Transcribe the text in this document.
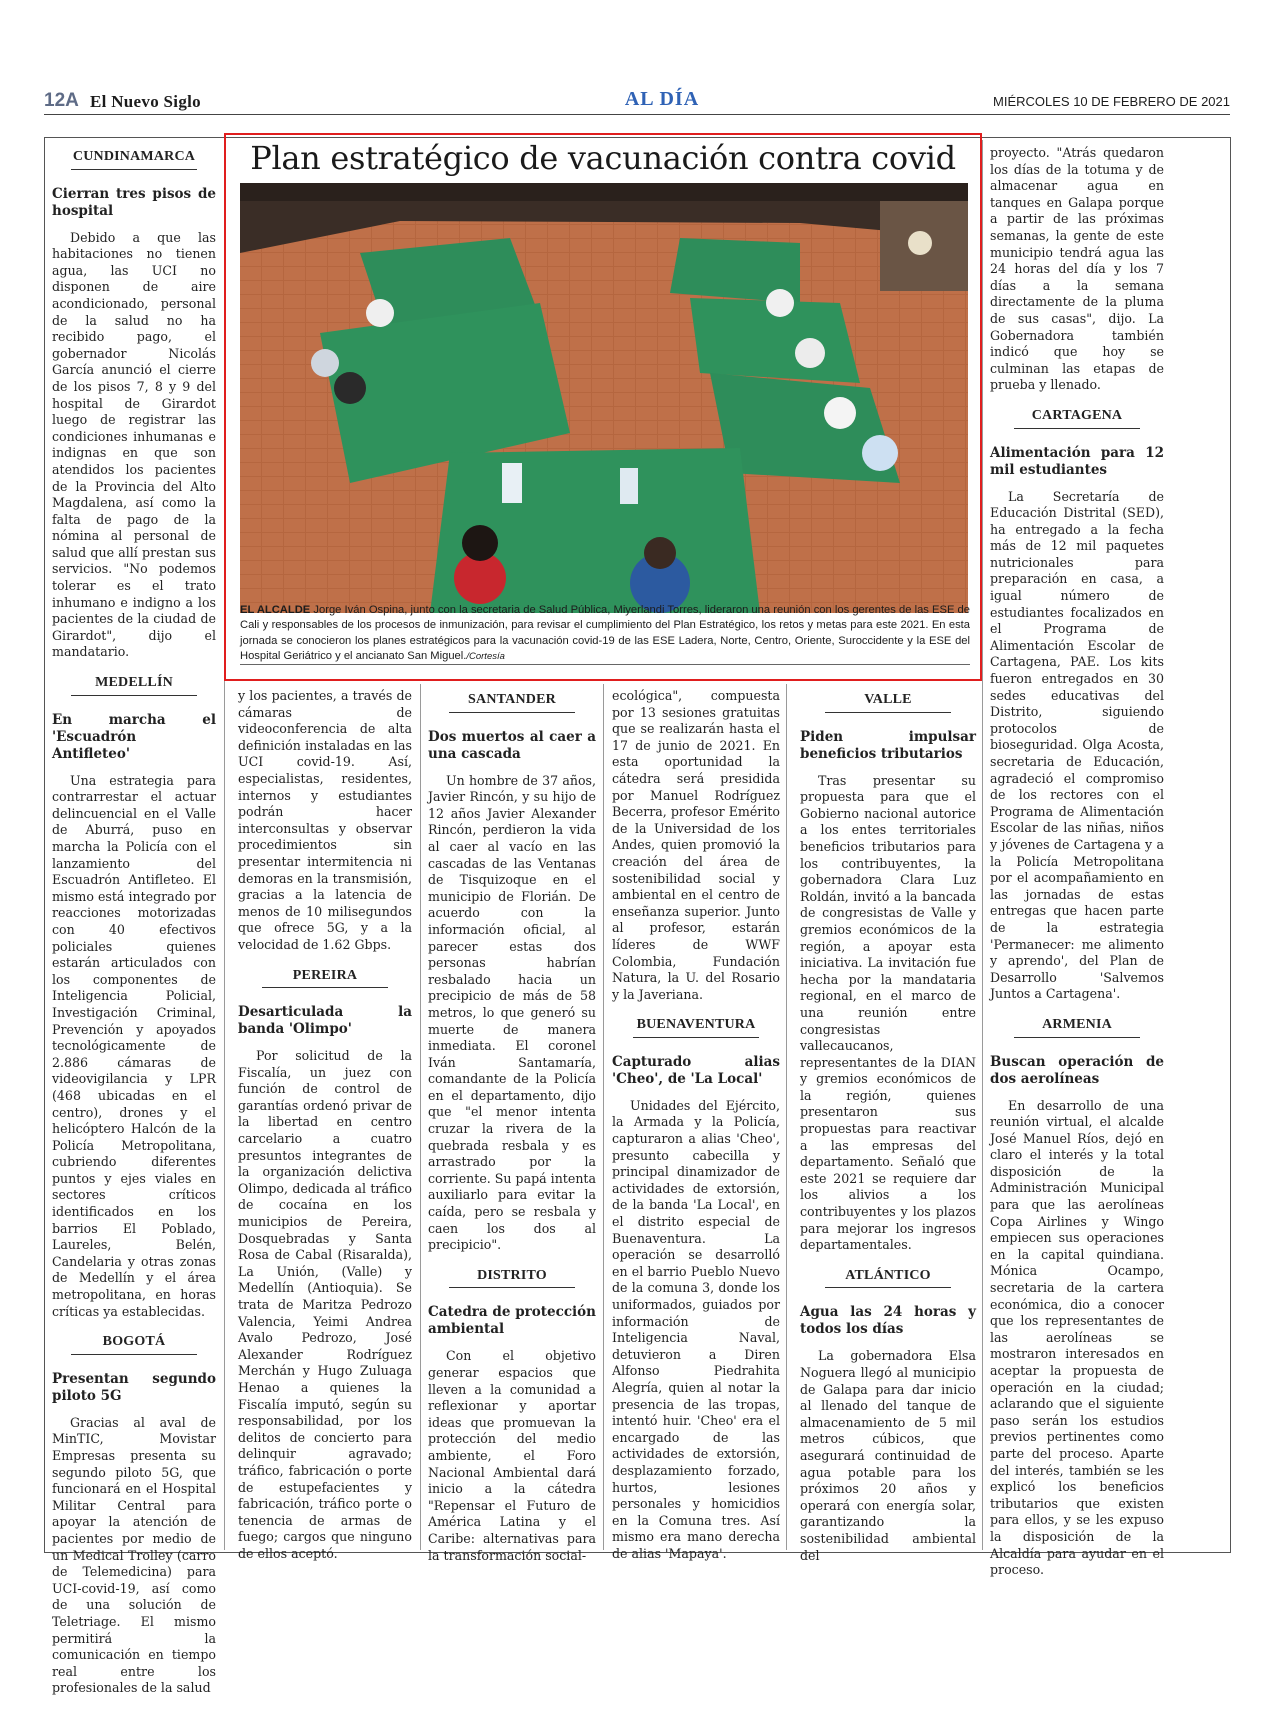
12A El Nuevo Siglo	AL DÍA	MIÉRCOLES 10 DE FEBRERO DE 2021
Plan estratégico de vacunación contra covid
EL ALCALDE Jorge Iván Ospina, junto con la secretaria de Salud Pública, Miyerlandi Torres, lideraron una reunión con los gerentes de las ESE de Cali y responsables de los procesos de inmunización, para revisar el cumplimiento del Plan Estratégico, los retos y metas para este 2021. En esta jornada se conocieron los planes estratégicos para la vacunación covid-19 de las ESE Ladera, Norte, Centro, Oriente, Suroccidente y la ESE del Hospital Geriátrico y el ancianato San Miguel./Cortesía
CUNDINAMARCA
Cierran tres pisos de hospital

Debido a que las habitaciones no tienen agua, las UCI no disponen de aire acondicionado, personal de la salud no ha recibido pago, el gobernador Nicolás García anunció el cierre de los pisos 7, 8 y 9 del hospital de Girardot luego de registrar las condiciones inhumanas e indignas en que son atendidos los pacientes de la Provincia del Alto Magdalena, así como la falta de pago de la nómina al personal de salud que allí prestan sus servicios. "No podemos tolerar es el trato inhumano e indigno a los pacientes de la ciudad de Girardot", dijo el mandatario.

MEDELLÍN
En marcha el 'Escuadrón Antifleteo'

Una estrategia para contrarrestar el actuar delincuencial en el Valle de Aburrá, puso en marcha la Policía con el lanzamiento del Escuadrón Antifleteo. El mismo está integrado por reacciones motorizadas con 40 efectivos policiales quienes estarán articulados con los componentes de Inteligencia Policial, Investigación Criminal, Prevención y apoyados tecnológicamente de 2.886 cámaras de videovigilancia y LPR (468 ubicadas en el centro), drones y el helicóptero Halcón de la Policía Metropolitana, cubriendo diferentes puntos y ejes viales en sectores críticos identificados en los barrios El Poblado, Laureles, Belén, Candelaria y otras zonas de Medellín y el área metropolitana, en horas críticas ya establecidas.

BOGOTÁ
Presentan segundo piloto 5G

Gracias al aval de MinTIC, Movistar Empresas presenta su segundo piloto 5G, que funcionará en el Hospital Militar Central para apoyar la atención de pacientes por medio de un Medical Trolley (carro de Telemedicina) para UCI-covid-19, así como de una solución de Teletriage. El mismo permitirá la comunicación en tiempo real entre los profesionales de la salud

y los pacientes, a través de cámaras de videoconferencia de alta definición instaladas en las UCI covid-19. Así, especialistas, residentes, internos y estudiantes podrán hacer interconsultas y observar procedimientos sin presentar intermitencia ni demoras en la transmisión, gracias a la latencia de menos de 10 milisegundos que ofrece 5G, y a la velocidad de 1.62 Gbps.

PEREIRA
Desarticulada la banda 'Olimpo'

Por solicitud de la Fiscalía, un juez con función de control de garantías ordenó privar de la libertad en centro carcelario a cuatro presuntos integrantes de la organización delictiva Olimpo, dedicada al tráfico de cocaína en los municipios de Pereira, Dosquebradas y Santa Rosa de Cabal (Risaralda), La Unión, (Valle) y Medellín (Antioquia). Se trata de Maritza Pedrozo Valencia, Yeimi Andrea Avalo Pedrozo, José Alexander Rodríguez Merchán y Hugo Zuluaga Henao a quienes la Fiscalía imputó, según su responsabilidad, por los delitos de concierto para delinquir agravado; tráfico, fabricación o porte de estupefacientes y fabricación, tráfico porte o tenencia de armas de fuego; cargos que ninguno de ellos aceptó.

SANTANDER
Dos muertos al caer a una cascada

Un hombre de 37 años, Javier Rincón, y su hijo de 12 años Javier Alexander Rincón, perdieron la vida al caer al vacío en las cascadas de las Ventanas de Tisquizoque en el municipio de Florián. De acuerdo con la información oficial, al parecer estas dos personas habrían resbalado hacia un precipicio de más de 58 metros, lo que generó su muerte de manera inmediata. El coronel Iván Santamaría, comandante de la Policía en el departamento, dijo que "el menor intenta cruzar la rivera de la quebrada resbala y es arrastrado por la corriente. Su papá intenta auxiliarlo para evitar la caída, pero se resbala y caen los dos al precipicio".

DISTRITO
Catedra de protección ambiental

Con el objetivo generar espacios que lleven a la comunidad a reflexionar y aportar ideas que promuevan la protección del medio ambiente, el Foro Nacional Ambiental dará inicio a la cátedra "Repensar el Futuro de América Latina y el Caribe: alternativas para la transformación social-

ecológica", compuesta por 13 sesiones gratuitas que se realizarán hasta el 17 de junio de 2021. En esta oportunidad la cátedra será presidida por Manuel Rodríguez Becerra, profesor Emérito de la Universidad de los Andes, quien promovió la creación del área de sostenibilidad social y ambiental en el centro de enseñanza superior. Junto al profesor, estarán líderes de WWF Colombia, Fundación Natura, la U. del Rosario y la Javeriana.

BUENAVENTURA
Capturado alias 'Cheo', de 'La Local'

Unidades del Ejército, la Armada y la Policía, capturaron a alias 'Cheo', presunto cabecilla y principal dinamizador de actividades de extorsión, de la banda 'La Local', en el distrito especial de Buenaventura. La operación se desarrolló en el barrio Pueblo Nuevo de la comuna 3, donde los uniformados, guiados por información de Inteligencia Naval, detuvieron a Diren Alfonso Piedrahita Alegría, quien al notar la presencia de las tropas, intentó huir. 'Cheo' era el encargado de las actividades de extorsión, desplazamiento forzado, hurtos, lesiones personales y homicidios en la Comuna tres. Así mismo era mano derecha de alias 'Mapaya'.

VALLE
Piden impulsar beneficios tributarios

Tras presentar su propuesta para que el Gobierno nacional autorice a los entes territoriales beneficios tributarios para los contribuyentes, la gobernadora Clara Luz Roldán, invitó a la bancada de congresistas de Valle y gremios económicos de la región, a apoyar esta iniciativa. La invitación fue hecha por la mandataria regional, en el marco de una reunión entre congresistas vallecaucanos, representantes de la DIAN y gremios económicos de la región, quienes presentaron sus propuestas para reactivar a las empresas del departamento. Señaló que este 2021 se requiere dar los alivios a los contribuyentes y los plazos para mejorar los ingresos departamentales.

ATLÁNTICO
Agua las 24 horas y todos los días

La gobernadora Elsa Noguera llegó al municipio de Galapa para dar inicio al llenado del tanque de almacenamiento de 5 mil metros cúbicos, que asegurará continuidad de agua potable para los próximos 20 años y operará con energía solar, garantizando la sostenibilidad ambiental del

proyecto. "Atrás quedaron los días de la totuma y de almacenar agua en tanques en Galapa porque a partir de las próximas semanas, la gente de este municipio tendrá agua las 24 horas del día y los 7 días a la semana directamente de la pluma de sus casas", dijo. La Gobernadora también indicó que hoy se culminan las etapas de prueba y llenado.

CARTAGENA
Alimentación para 12 mil estudiantes

La Secretaría de Educación Distrital (SED), ha entregado a la fecha más de 12 mil paquetes nutricionales para preparación en casa, a igual número de estudiantes focalizados en el Programa de Alimentación Escolar de Cartagena, PAE. Los kits fueron entregados en 30 sedes educativas del Distrito, siguiendo protocolos de bioseguridad. Olga Acosta, secretaria de Educación, agradeció el compromiso de los rectores con el Programa de Alimentación Escolar de las niñas, niños y jóvenes de Cartagena y a la Policía Metropolitana por el acompañamiento en las jornadas de estas entregas que hacen parte de la estrategia 'Permanecer: me alimento y aprendo', del Plan de Desarrollo 'Salvemos Juntos a Cartagena'.

ARMENIA
Buscan operación de dos aerolíneas

En desarrollo de una reunión virtual, el alcalde José Manuel Ríos, dejó en claro el interés y la total disposición de la Administración Municipal para que las aerolíneas Copa Airlines y Wingo empiecen sus operaciones en la capital quindiana. Mónica Ocampo, secretaria de la cartera económica, dio a conocer que los representantes de las aerolíneas se mostraron interesados en aceptar la propuesta de operación en la ciudad; aclarando que el siguiente paso serán los estudios previos pertinentes como parte del proceso. Aparte del interés, también se les explicó los beneficios tributarios que existen para ellos, y se les expuso la disposición de la Alcaldía para ayudar en el proceso.
